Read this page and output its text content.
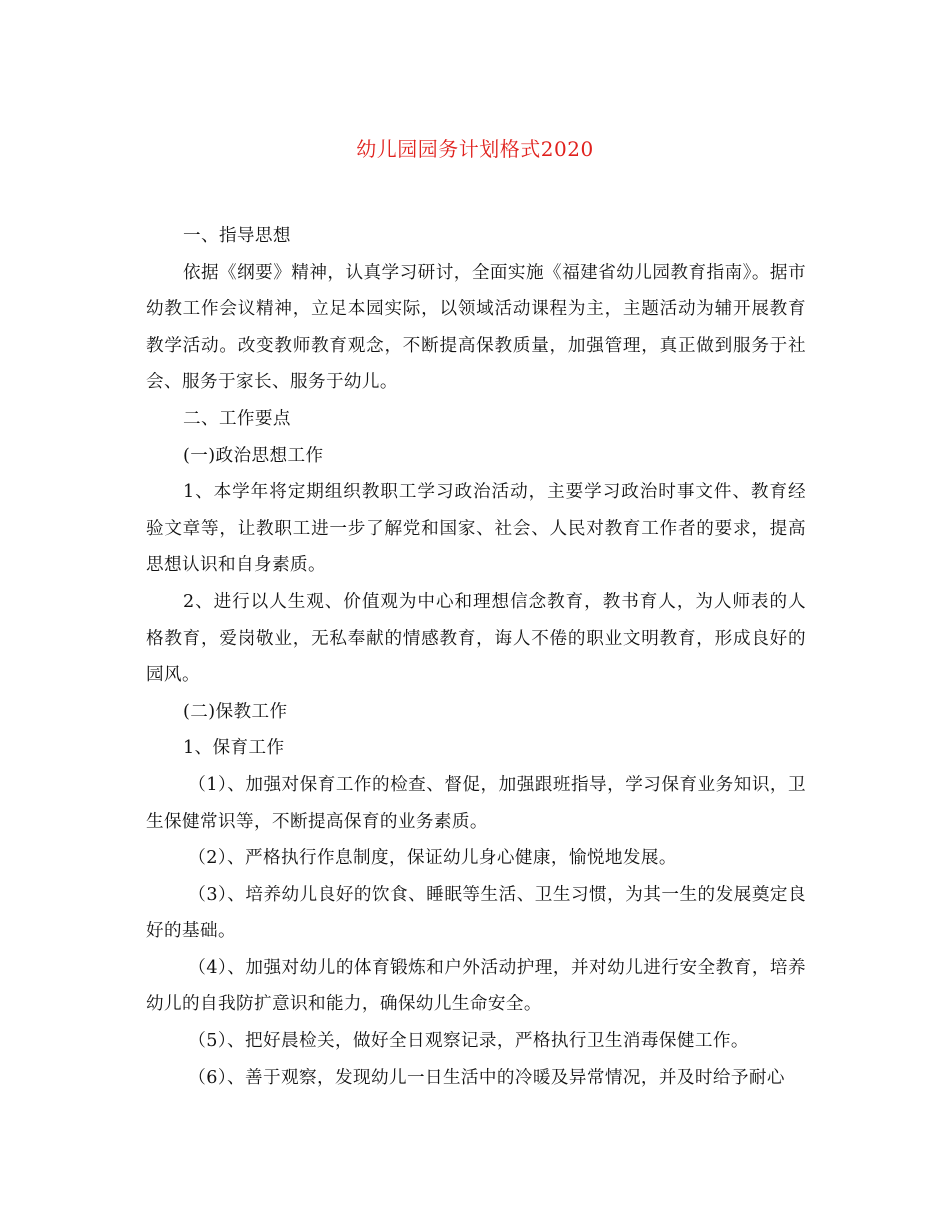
幼儿园园务计划格式2020

一、指导思想

依据《纲要》精神，认真学习研讨，全面实施《福建省幼儿园教育指南》。据市幼教工作会议精神，立足本园实际，以领域活动课程为主，主题活动为辅开展教育教学活动。改变教师教育观念，不断提高保教质量，加强管理，真正做到服务于社会、服务于家长、服务于幼儿。

二、工作要点

(一)政治思想工作

1、本学年将定期组织教职工学习政治活动，主要学习政治时事文件、教育经验文章等，让教职工进一步了解党和国家、社会、人民对教育工作者的要求，提高思想认识和自身素质。

2、进行以人生观、价值观为中心和理想信念教育，教书育人，为人师表的人格教育，爱岗敬业，无私奉献的情感教育，诲人不倦的职业文明教育，形成良好的园风。

(二)保教工作

1、保育工作

（1）、加强对保育工作的检查、督促，加强跟班指导，学习保育业务知识，卫生保健常识等，不断提高保育的业务素质。

（2）、严格执行作息制度，保证幼儿身心健康，愉悦地发展。

（3）、培养幼儿良好的饮食、睡眠等生活、卫生习惯，为其一生的发展奠定良好的基础。

（4）、加强对幼儿的体育锻炼和户外活动护理，并对幼儿进行安全教育，培养幼儿的自我防扩意识和能力，确保幼儿生命安全。

（5）、把好晨检关，做好全日观察记录，严格执行卫生消毒保健工作。

（6）、善于观察，发现幼儿一日生活中的冷暖及异常情况，并及时给予耐心
